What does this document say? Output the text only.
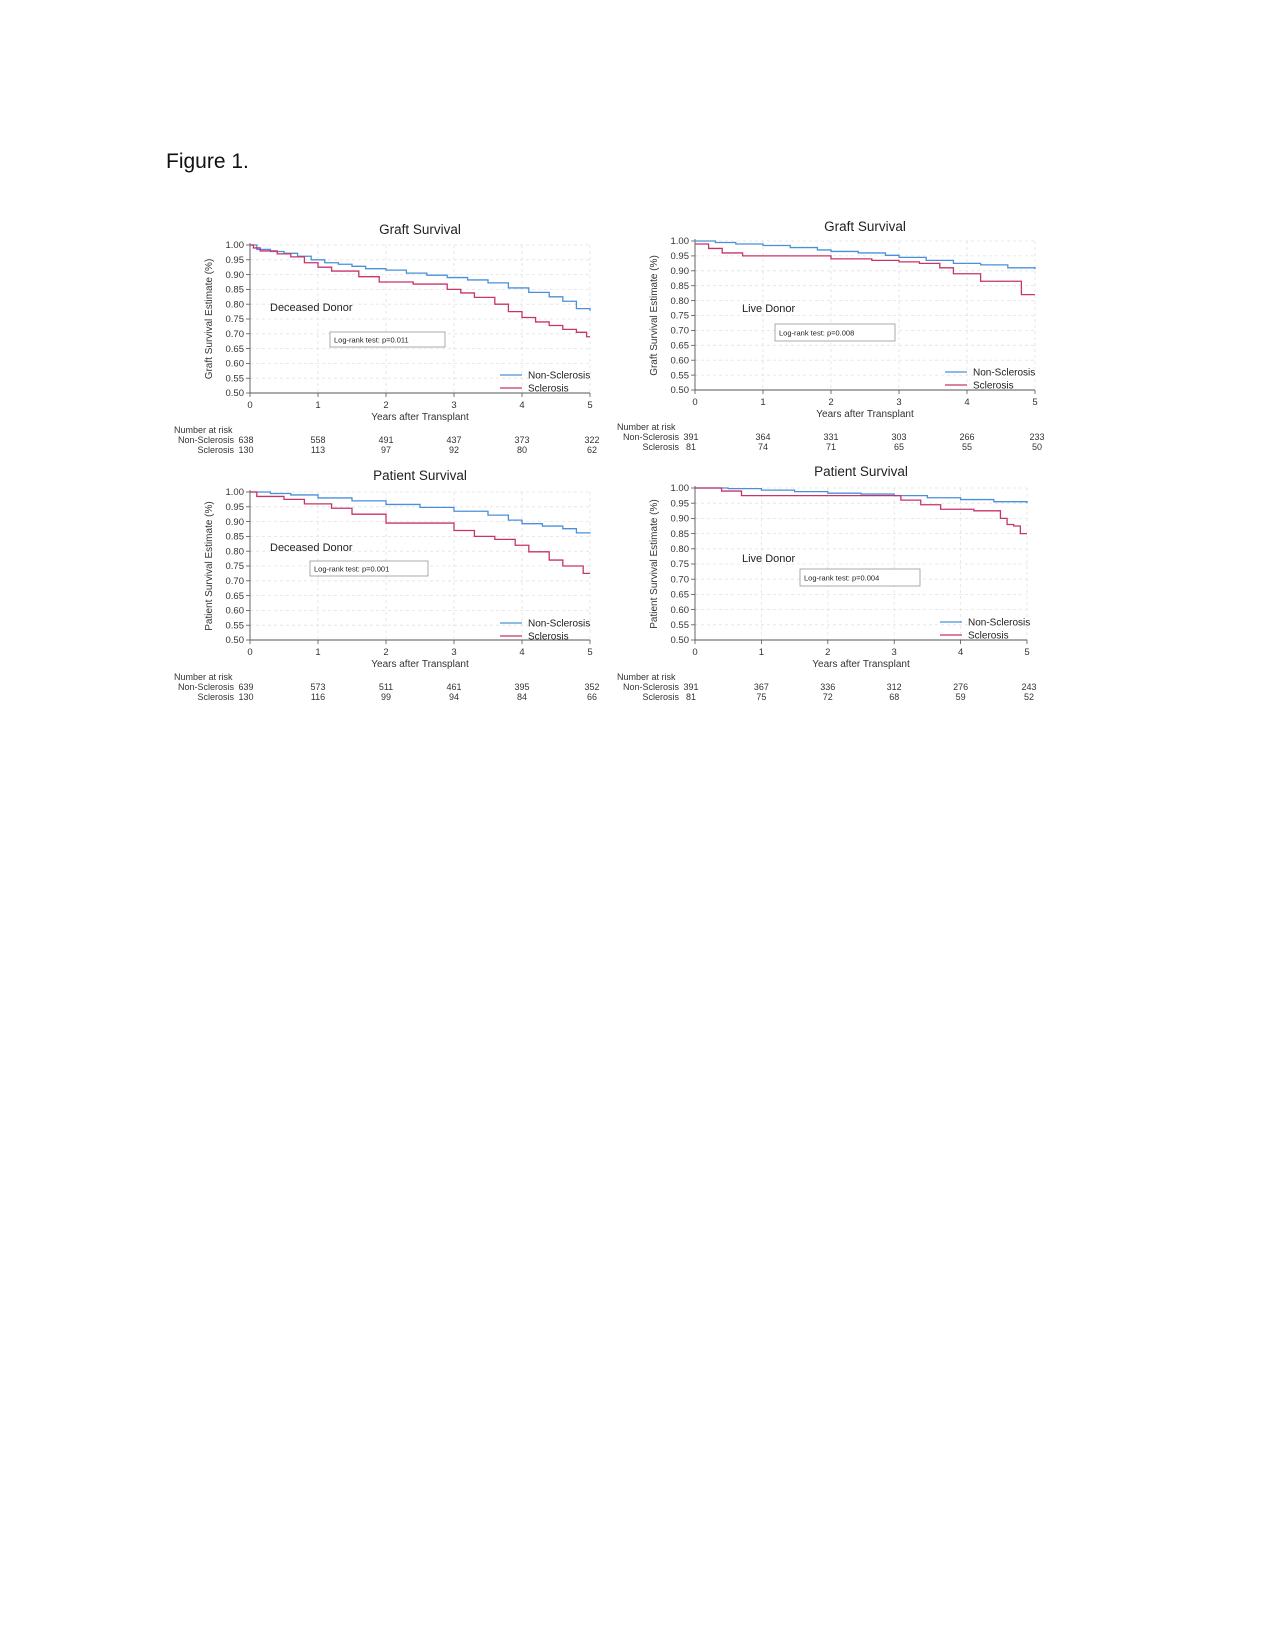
Figure 1.
Graft Survival
0.50
0.55
0.60
0.65
0.70
0.75
0.80
0.85
0.90
0.95
1.00
0	1	2	3	4	5
Years after Transplant
Graft Survival Estimate (%)	Deceased Donor
Log-rank test: p=0.011
Non-Sclerosis
Sclerosis
Number at risk
Non-Sclerosis 638	558	491	437	373	322
Sclerosis 130	113	97	92	80	62
Graft Survival
0.50
0.55
0.60
0.65
0.70
0.75
0.80
0.85
0.90
0.95
1.00
0	1	2	3	4	5
Years after Transplant
Graft Survival Estimate (%)	Live Donor
Log-rank test: p=0.008
Non-Sclerosis
Sclerosis
Number at risk
Non-Sclerosis 391	364	331	303	266	233
Sclerosis 81	74	71	65	55	50
Patient Survival
0.50
0.55
0.60
0.65
0.70
0.75
0.80
0.85
0.90
0.95
1.00
0	1	2	3	4	5
Years after Transplant
Patient Survival Estimate (%)	Deceased Donor
Log-rank test: p=0.001
Non-Sclerosis
Sclerosis
Number at risk
Non-Sclerosis 639	573	511	461	395	352
Sclerosis 130	116	99	94	84	66
Patient Survival
0.50
0.55
0.60
0.65
0.70
0.75
0.80
0.85
0.90
0.95
1.00
0	1	2	3	4	5
Years after Transplant
Patient Survival Estimate (%)	Live Donor
Log-rank test: p=0.004
Non-Sclerosis
Sclerosis
Number at risk
Non-Sclerosis 391	367	336	312	276	243
Sclerosis 81	75	72	68	59	52
